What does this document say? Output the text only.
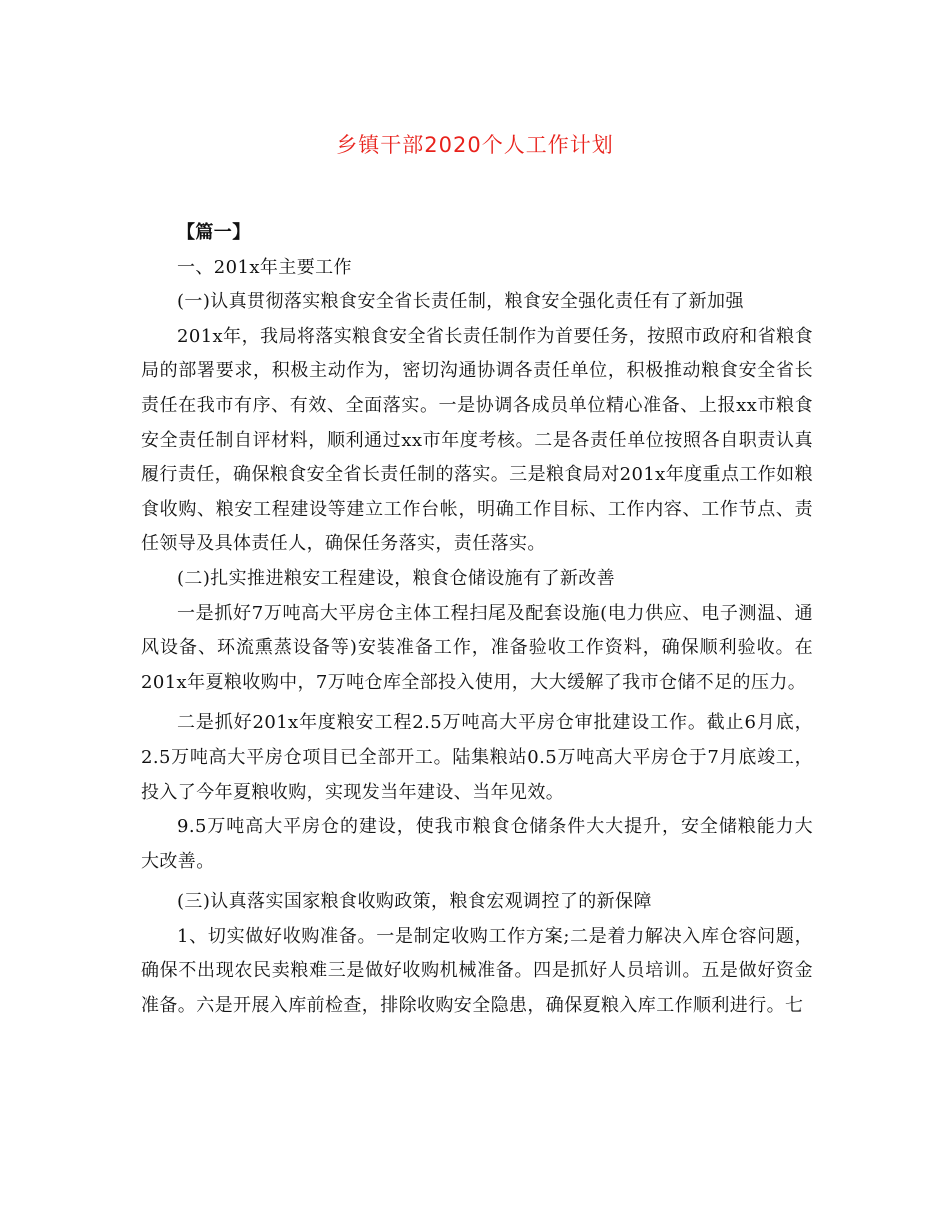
乡镇干部2020个人工作计划

【篇一】

一、201x年主要工作

(一)认真贯彻落实粮食安全省长责任制，粮食安全强化责任有了新加强

201x年，我局将落实粮食安全省长责任制作为首要任务，按照市政府和省粮食局的部署要求，积极主动作为，密切沟通协调各责任单位，积极推动粮食安全省长责任在我市有序、有效、全面落实。一是协调各成员单位精心准备、上报xx市粮食安全责任制自评材料，顺利通过xx市年度考核。二是各责任单位按照各自职责认真履行责任，确保粮食安全省长责任制的落实。三是粮食局对201x年度重点工作如粮食收购、粮安工程建设等建立工作台帐，明确工作目标、工作内容、工作节点、责任领导及具体责任人，确保任务落实，责任落实。

(二)扎实推进粮安工程建设，粮食仓储设施有了新改善

一是抓好7万吨高大平房仓主体工程扫尾及配套设施(电力供应、电子测温、通风设备、环流熏蒸设备等)安装准备工作，准备验收工作资料，确保顺利验收。在201x年夏粮收购中，7万吨仓库全部投入使用，大大缓解了我市仓储不足的压力。

二是抓好201x年度粮安工程2.5万吨高大平房仓审批建设工作。截止6月底，2.5万吨高大平房仓项目已全部开工。陆集粮站0.5万吨高大平房仓于7月底竣工，投入了今年夏粮收购，实现发当年建设、当年见效。

9.5万吨高大平房仓的建设，使我市粮食仓储条件大大提升，安全储粮能力大大改善。

(三)认真落实国家粮食收购政策，粮食宏观调控了的新保障

1、切实做好收购准备。一是制定收购工作方案;二是着力解决入库仓容问题，确保不出现农民卖粮难三是做好收购机械准备。四是抓好人员培训。五是做好资金准备。六是开展入库前检查，排除收购安全隐患，确保夏粮入库工作顺利进行。七
